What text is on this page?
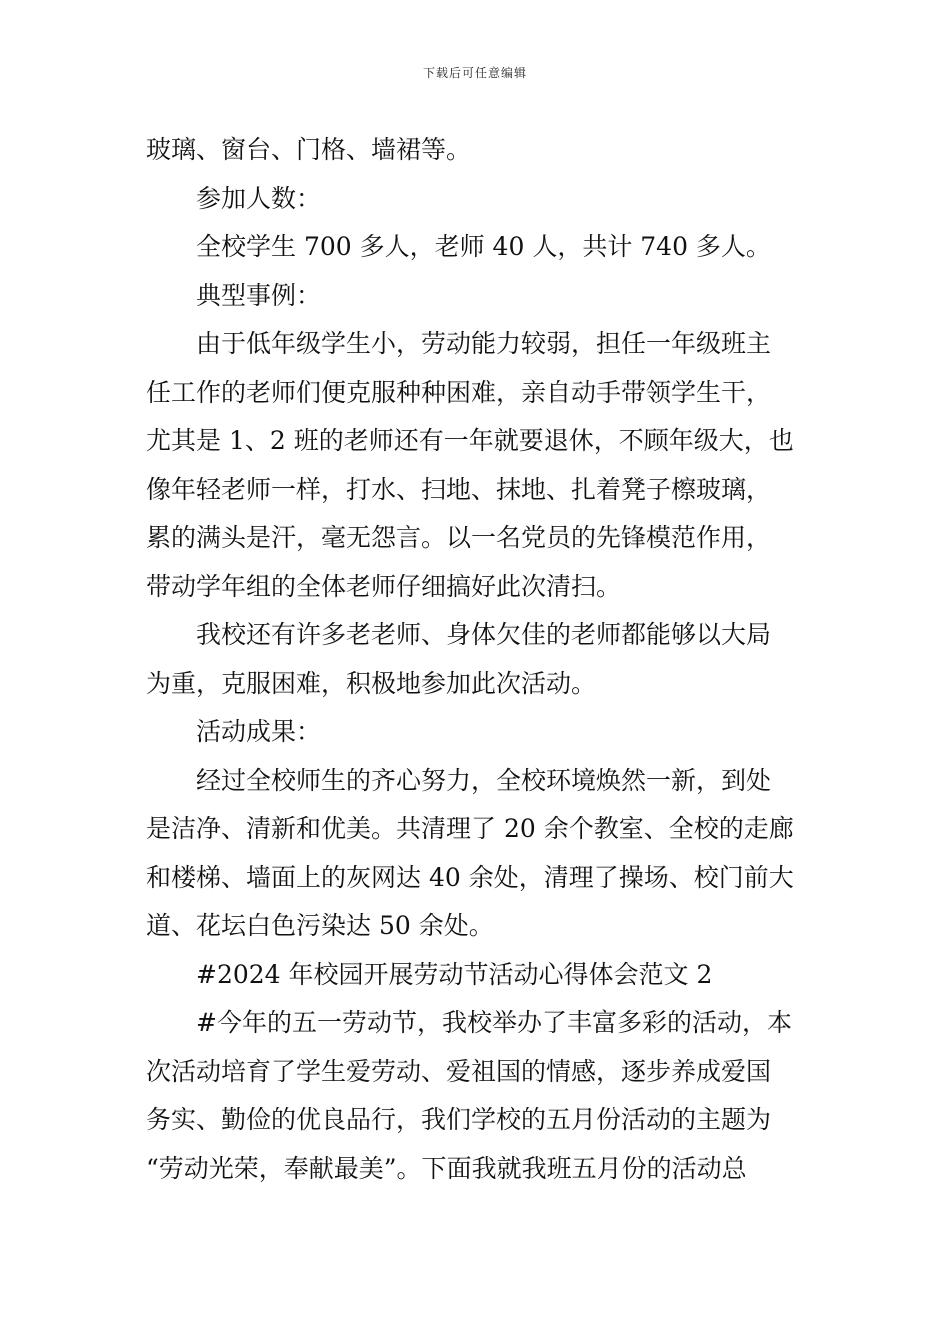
下载后可任意编辑
玻璃、窗台、门格、墙裙等。
参加人数：
全校学生 700 多人，老师 40 人，共计 740 多人。
典型事例：
由于低年级学生小，劳动能力较弱，担任一年级班主
任工作的老师们便克服种种困难，亲自动手带领学生干，
尤其是 1、2 班的老师还有一年就要退休，不顾年级大，也
像年轻老师一样，打水、扫地、抹地、扎着凳子檫玻璃，
累的满头是汗，毫无怨言。以一名党员的先锋模范作用，
带动学年组的全体老师仔细搞好此次清扫。
我校还有许多老老师、身体欠佳的老师都能够以大局
为重，克服困难，积极地参加此次活动。
活动成果：
经过全校师生的齐心努力，全校环境焕然一新，到处
是洁净、清新和优美。共清理了 20 余个教室、全校的走廊
和楼梯、墙面上的灰网达 40 余处，清理了操场、校门前大
道、花坛白色污染达 50 余处。
#2024 年校园开展劳动节活动心得体会范文 2
#今年的五一劳动节，我校举办了丰富多彩的活动，本
次活动培育了学生爱劳动、爱祖国的情感，逐步养成爱国
务实、勤俭的优良品行，我们学校的五月份活动的主题为
“劳动光荣，奉献最美”。下面我就我班五月份的活动总
